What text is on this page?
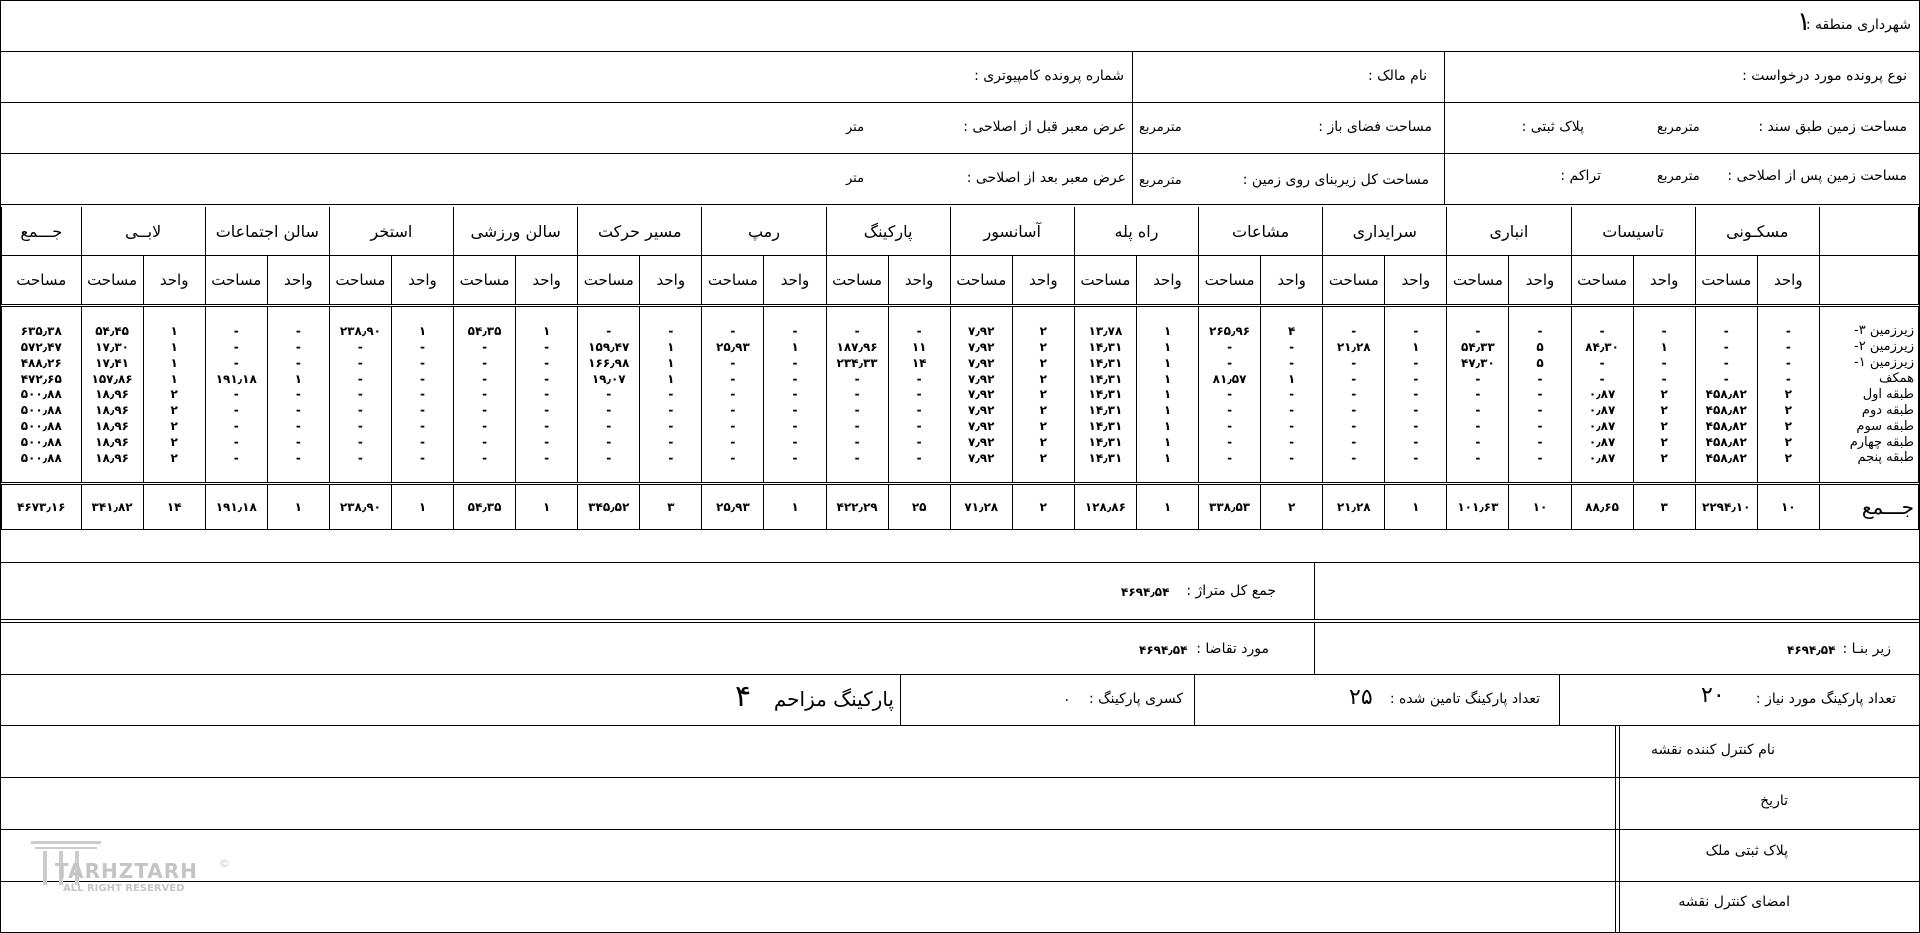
۱
شهرداری منطقه :
نوع پرونده مورد درخواست :
نام مالک :
شماره پرونده کامپیوتری :
مساحت زمین طبق سند :
مترمربع
پلاک ثبتی :
مساحت فضای باز :
مترمربع
عرض معبر قبل از اصلاحی :
متر
مساحت زمین پس از اصلاحی :
مترمربع
تراکم :
مساحت کل زیربنای روی زمین :
مترمربع
عرض معبر بعد از اصلاحی :
متر
	مسکـونی		تاسیسات		انباری		سرایداری		مشاعات		راه پله		آسانسور		پارکینگ		رمپ		مسیر حرکت		سالن ورزشی		استخر		سالن اجتماعات		لابــی		جـــمع
	واحد	مساحت	واحد	مساحت	واحد	مساحت	واحد	مساحت	واحد	مساحت	واحد	مساحت	واحد	مساحت	واحد	مساحت	واحد	مساحت	واحد	مساحت	واحد	مساحت	واحد	مساحت	واحد	مساحت	واحد	مساحت	مساحت

زیرزمین ۳-	-	-	-	-	-	-	-	-	۴	۲۶۵٫۹۶	۱	۱۳٫۷۸	۲	۷٫۹۲	-	-	-	-	-	-	۱	۵۴٫۳۵	۱	۲۳۸٫۹۰	-	-	۱	۵۴٫۴۵	۶۳۵٫۳۸
زیرزمین ۲-	-	-	۱	۸۴٫۳۰	۵	۵۴٫۳۳	۱	۲۱٫۲۸	-	-	۱	۱۴٫۳۱	۲	۷٫۹۲	۱۱	۱۸۷٫۹۶	۱	۲۵٫۹۳	۱	۱۵۹٫۴۷	-	-	-	-	-	-	۱	۱۷٫۳۰	۵۷۲٫۴۷
زیرزمین ۱-	-	-	-	-	۵	۴۷٫۳۰	-	-	-	-	۱	۱۴٫۳۱	۲	۷٫۹۲	۱۴	۲۳۴٫۳۳	-	-	۱	۱۶۶٫۹۸	-	-	-	-	-	-	۱	۱۷٫۴۱	۴۸۸٫۲۶
همکف	-	-	-	-	-	-	-	-	۱	۸۱٫۵۷	۱	۱۴٫۳۱	۲	۷٫۹۲	-	-	-	-	۱	۱۹٫۰۷	-	-	-	-	۱	۱۹۱٫۱۸	۱	۱۵۷٫۸۶	۴۷۲٫۶۵
طبقه اول	۲	۴۵۸٫۸۲	۲	۰٫۸۷	-	-	-	-	-	-	۱	۱۴٫۳۱	۲	۷٫۹۲	-	-	-	-	-	-	-	-	-	-	-	-	۲	۱۸٫۹۶	۵۰۰٫۸۸
طبقه دوم	۲	۴۵۸٫۸۲	۲	۰٫۸۷	-	-	-	-	-	-	۱	۱۴٫۳۱	۲	۷٫۹۲	-	-	-	-	-	-	-	-	-	-	-	-	۲	۱۸٫۹۶	۵۰۰٫۸۸
طبقه سوم	۲	۴۵۸٫۸۲	۲	۰٫۸۷	-	-	-	-	-	-	۱	۱۴٫۳۱	۲	۷٫۹۲	-	-	-	-	-	-	-	-	-	-	-	-	۲	۱۸٫۹۶	۵۰۰٫۸۸
طبقه چهارم	۲	۴۵۸٫۸۲	۲	۰٫۸۷	-	-	-	-	-	-	۱	۱۴٫۳۱	۲	۷٫۹۲	-	-	-	-	-	-	-	-	-	-	-	-	۲	۱۸٫۹۶	۵۰۰٫۸۸
طبقه پنجم	۲	۴۵۸٫۸۲	۲	۰٫۸۷	-	-	-	-	-	-	۱	۱۴٫۳۱	۲	۷٫۹۲	-	-	-	-	-	-	-	-	-	-	-	-	۲	۱۸٫۹۶	۵۰۰٫۸۸

جـــمع	۱۰	۲۲۹۴٫۱۰	۳	۸۸٫۶۵	۱۰	۱۰۱٫۶۳	۱	۲۱٫۲۸	۲	۳۳۸٫۵۳	۱	۱۲۸٫۸۶	۲	۷۱٫۲۸	۲۵	۴۲۲٫۲۹	۱	۲۵٫۹۳	۳	۳۴۵٫۵۲	۱	۵۴٫۳۵	۱	۲۳۸٫۹۰	۱	۱۹۱٫۱۸	۱۴	۳۴۱٫۸۲	۴۶۷۳٫۱۶
جمع کل متراژ :
۴۶۹۴٫۵۴
زیر بنـا :
۴۶۹۴٫۵۴
مورد تقاضا :
۴۶۹۴٫۵۴
تعداد پارکینگ مورد نیاز :
۲۰
تعداد پارکینگ تامین شده :
۲۵
کسری پارکینگ :
۰
پارکینگ مزاحم
۴
نام کنترل کننده نقشه
تاریخ
پلاک ثبتی ملک
امضای کنترل نقشه
TARHZTARH
ALL RIGHT RESERVED
©
